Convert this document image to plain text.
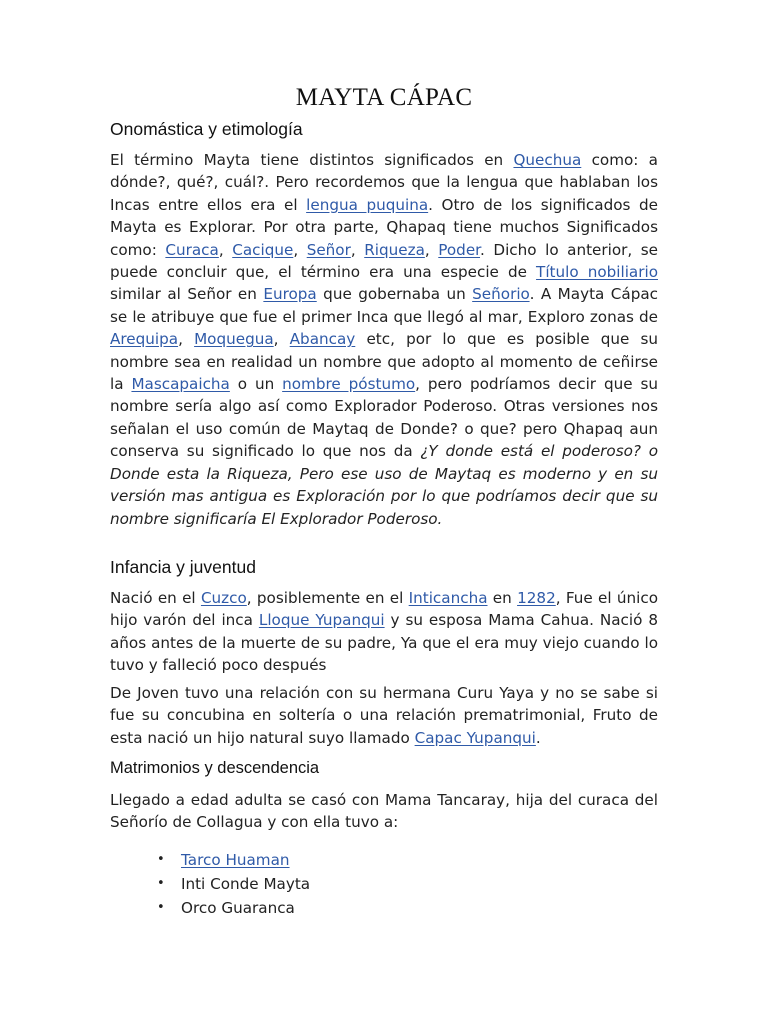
MAYTA CÁPAC
Onomástica y etimología

El término Mayta tiene distintos significados en Quechua como: a dónde?, qué?, cuál?. Pero recordemos que la lengua que hablaban los Incas entre ellos era el lengua puquina. Otro de los significados de Mayta es Explorar. Por otra parte, Qhapaq tiene muchos Significados como: Curaca, Cacique, Señor, Riqueza, Poder. Dicho lo anterior, se puede concluir que, el término era una especie de Título nobiliario similar al Señor en Europa que gobernaba un Señorio. A Mayta Cápac se le atribuye que fue el primer Inca que llegó al mar, Exploro zonas de Arequipa, Moquegua, Abancay etc, por lo que es posible que su nombre sea en realidad un nombre que adopto al momento de ceñirse la Mascapaicha o un nombre póstumo, pero podríamos decir que su nombre sería algo así como Explorador Poderoso. Otras versiones nos señalan el uso común de Maytaq de Donde? o que? pero Qhapaq aun conserva su significado lo que nos da ¿Y donde está el poderoso? o Donde esta la Riqueza, Pero ese uso de Maytaq es moderno y en su versión mas antigua es Exploración por lo que podríamos decir que su nombre significaría El Explorador Poderoso.

Infancia y juventud

Nació en el Cuzco, posiblemente en el Inticancha en 1282, Fue el único hijo varón del inca Lloque Yupanqui y su esposa Mama Cahua. Nació 8 años antes de la muerte de su padre, Ya que el era muy viejo cuando lo tuvo y falleció poco después

De Joven tuvo una relación con su hermana Curu Yaya y no se sabe si fue su concubina en soltería o una relación prematrimonial, Fruto de esta nació un hijo natural suyo llamado Capac Yupanqui.

Matrimonios y descendencia

Llegado a edad adulta se casó con Mama Tancaray, hija del curaca del Señorío de Collagua y con ella tuvo a:

• Tarco Huaman
• Inti Conde Mayta
• Orco Guaranca
